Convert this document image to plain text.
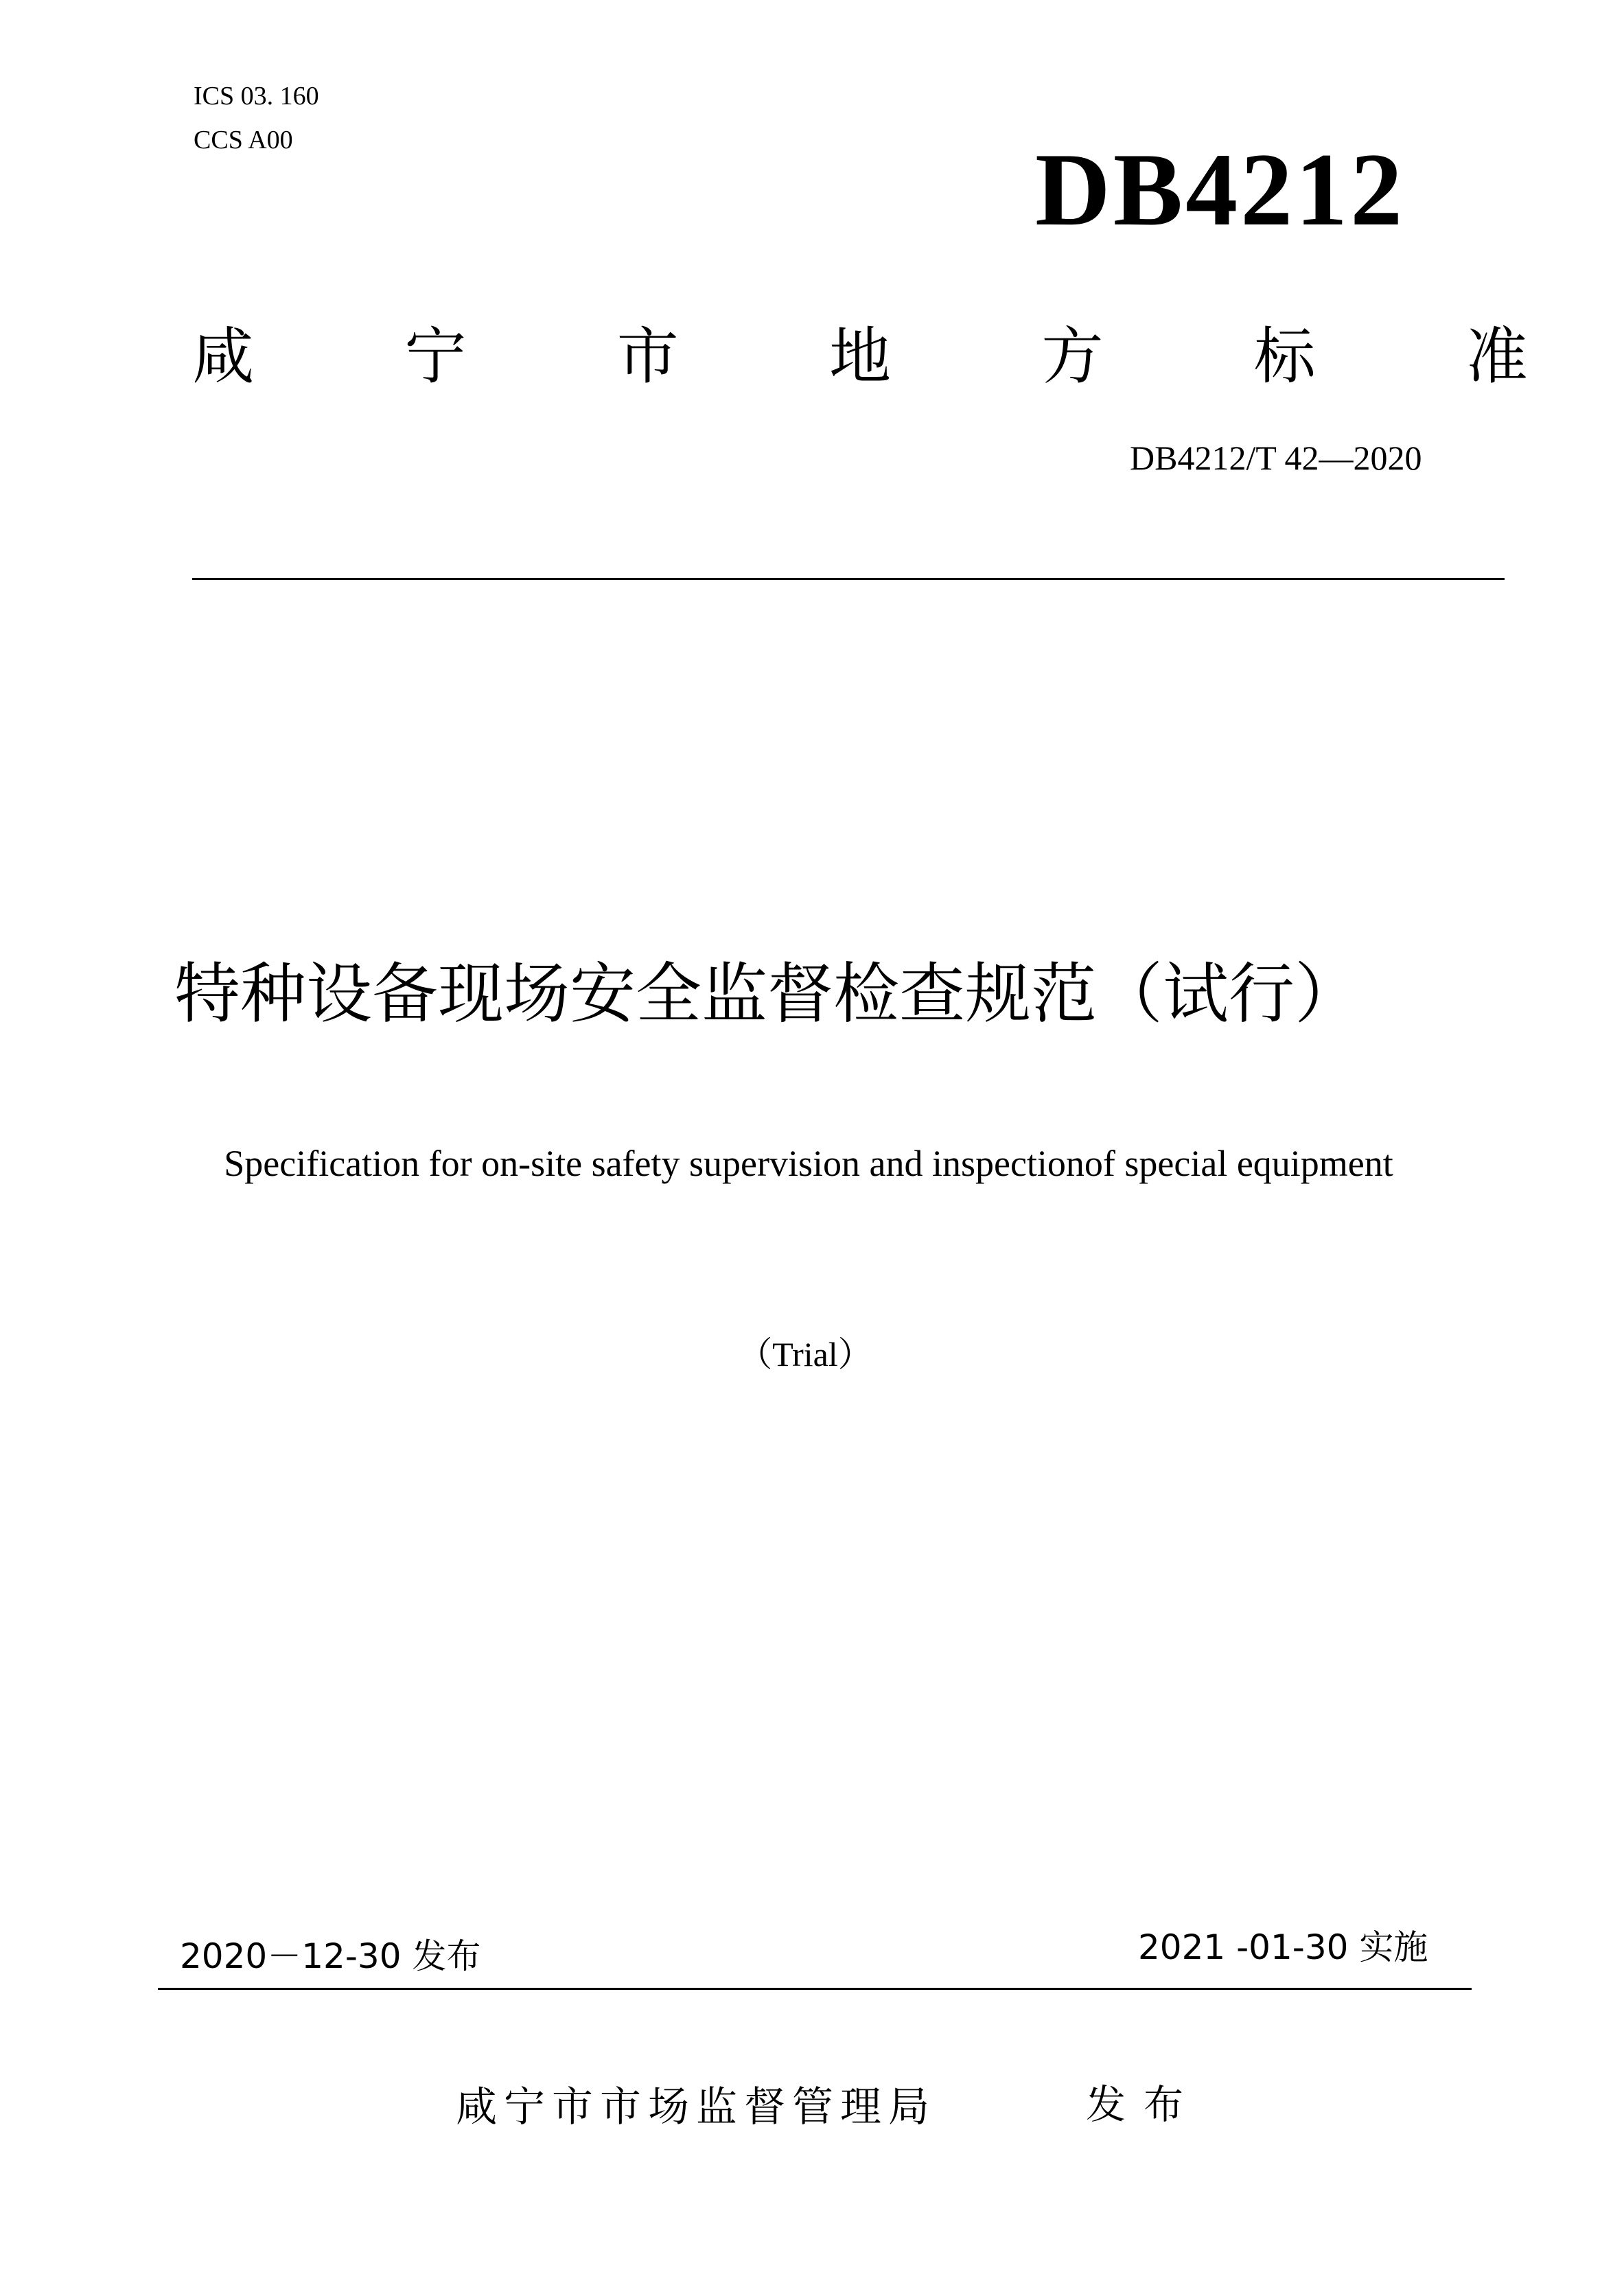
ICS 03. 160
CCS A00	DB4212
咸 宁 市 地 方 标 准
DB4212/T 42—2020
特种设备现场安全监督检查规范（试行）
Specification for on-site safety supervision and inspectionof special equipment
（Trial）
2020－12-30 发布	2021 -01-30 实施
咸宁市市场监督管理局	发布
